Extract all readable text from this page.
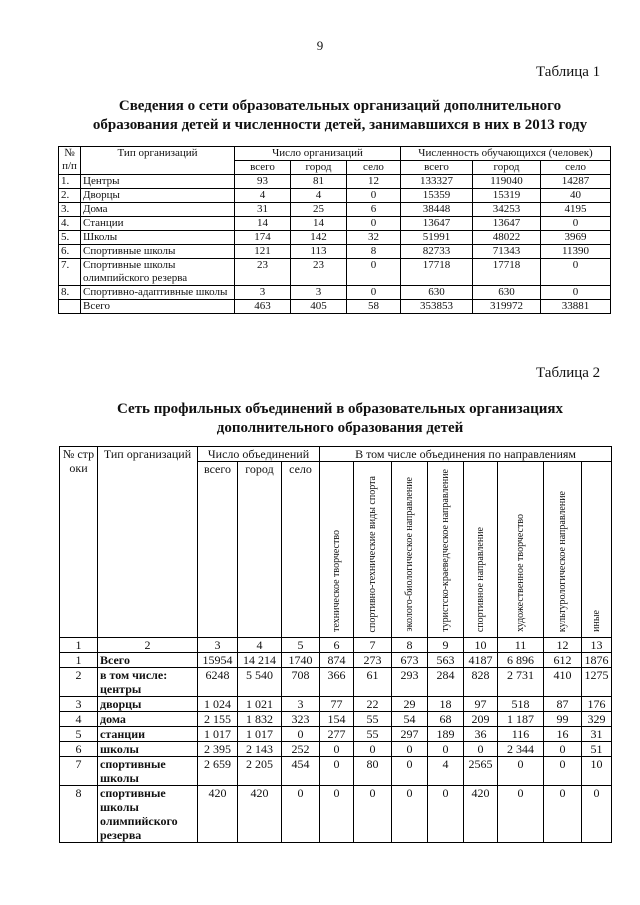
9
Таблица 1
Сведения о сети образовательных организаций дополнительного
образования детей и численности детей, занимавшихся в них в 2013 году
№
п/п	Тип организаций	Число организаций			Численность обучающихся (человек)		
		всего	город	село	всего	город	село
1.	Центры	93	81	12	133327	119040	14287
2.	Дворцы	4	4	0	15359	15319	40
3.	Дома	31	25	6	38448	34253	4195
4.	Станции	14	14	0	13647	13647	0
5.	Школы	174	142	32	51991	48022	3969
6.	Спортивные школы	121	113	8	82733	71343	11390
7.	Спортивные школы олимпийского резерва	23	23	0	17718	17718	0
8.	Спортивно-адаптивные школы	3	3	0	630	630	0
	Всего	463	405	58	353853	319972	33881
Таблица 2
Сеть профильных объединений в образовательных организациях
дополнительного образования детей
№ строки	Тип организаций	Число объединений			В том числе объединения по направлениям							
		всего	город	село	техническое творчество	спортивно-технические виды спорта	эколого-биологическое направление	туристско-краеведческое направление	спортивное направление	художественное творчество	культурологическое направление	иные

1	2	3	4	5	6	7	8	9	10	11	12	13
1	Всего	15954	14 214	1740	874	273	673	563	4187	6 896	612	1876
2	в том числе: центры	6248	5 540	708	366	61	293	284	828	2 731	410	1275
3	дворцы	1 024	1 021	3	77	22	29	18	97	518	87	176
4	дома	2 155	1 832	323	154	55	54	68	209	1 187	99	329
5	станции	1 017	1 017	0	277	55	297	189	36	116	16	31
6	школы	2 395	2 143	252	0	0	0	0	0	2 344	0	51
7	спортивные школы	2 659	2 205	454	0	80	0	4	2565	0	0	10
8	спортивные школы олимпийского резерва	420	420	0	0	0	0	0	420	0	0	0
